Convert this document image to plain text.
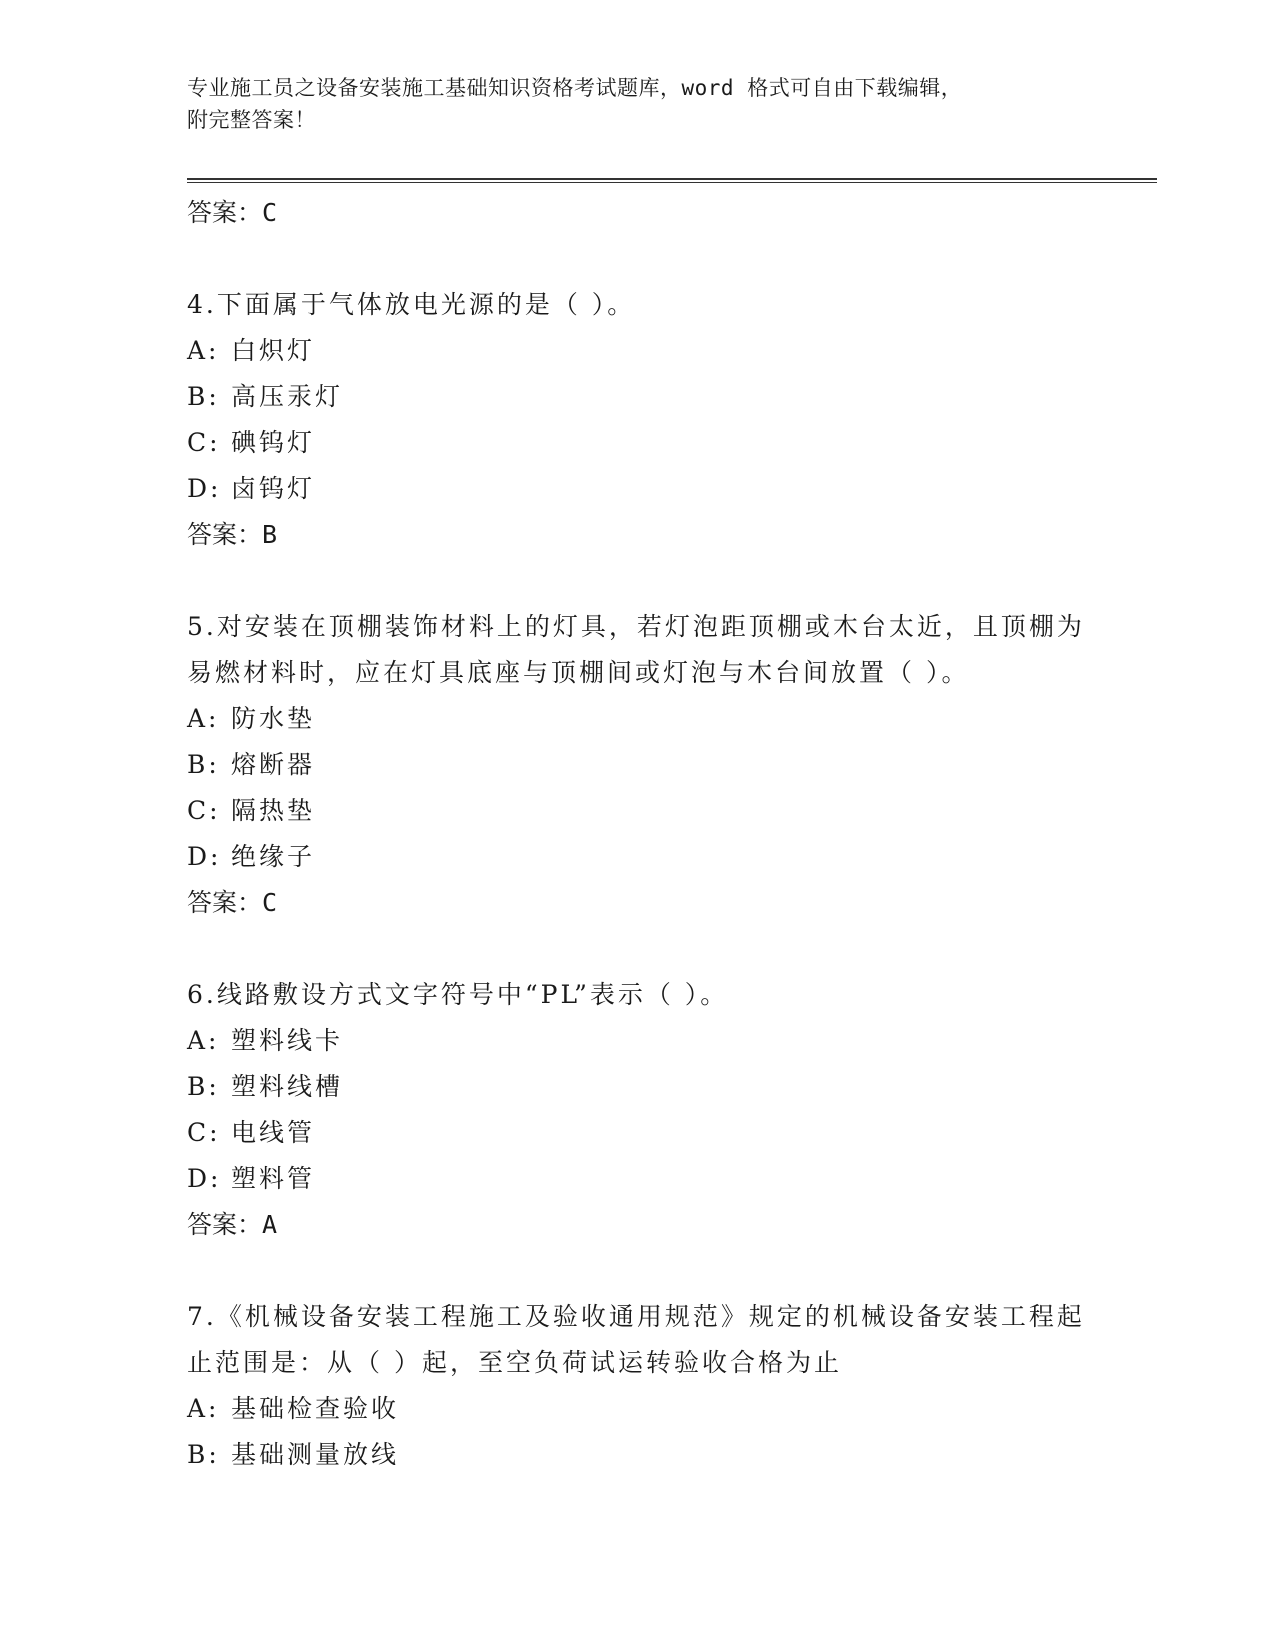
专业施工员之设备安装施工基础知识资格考试题库，word 格式可自由下载编辑，
附完整答案！
答案：C
4.下面属于气体放电光源的是（ ）。
A: 白炽灯
B: 高压汞灯
C: 碘钨灯
D: 卤钨灯
答案：B
5.对安装在顶棚装饰材料上的灯具，若灯泡距顶棚或木台太近，且顶棚为易燃材料时，应在灯具底座与顶棚间或灯泡与木台间放置（ ）。
A: 防水垫
B: 熔断器
C: 隔热垫
D: 绝缘子
答案：C
6.线路敷设方式文字符号中“PL”表示（ ）。
A: 塑料线卡
B: 塑料线槽
C: 电线管
D: 塑料管
答案：A
7.《机械设备安装工程施工及验收通用规范》规定的机械设备安装工程起止范围是：从（ ）起，至空负荷试运转验收合格为止
A: 基础检查验收
B: 基础测量放线
